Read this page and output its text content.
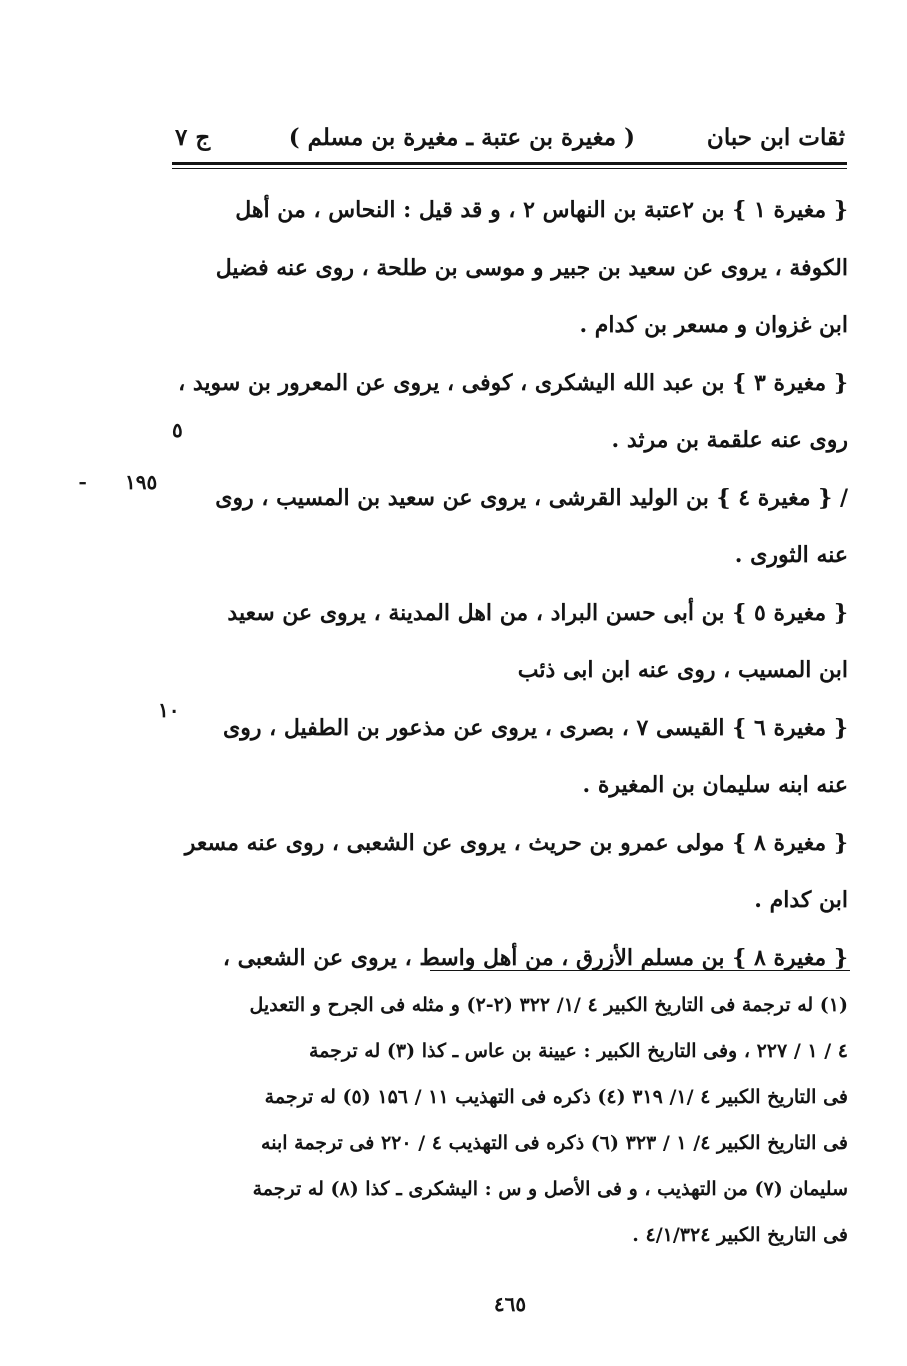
ثقات ابن حبان
( مغيرة بن عتبة ـ مغيرة بن مسلم )
ج ٧
{ مغيرة ۱ } بن ۲عتبة بن النهاس ۲ ، و قد قيل : النحاس ، من أهل
الكوفة ، يروى عن سعيد بن جبير و موسى بن طلحة ، روى عنه فضيل
ابن غزوان و مسعر بن كدام .
{ مغيرة ۳ } بن عبد الله اليشكرى ، كوفى ، يروى عن المعرور بن سويد ،
روى عنه علقمة بن مرثد .
/ { مغيرة ٤ } بن الوليد القرشى ، يروى عن سعيد بن المسيب ، روى
عنه الثورى .
{ مغيرة ٥ } بن أبى حسن البراد ، من اهل المدينة ، يروى عن سعيد
ابن المسيب ، روى عنه ابن ابى ذئب
{ مغيرة ٦ } القيسى ۷ ، بصرى ، يروى عن مذعور بن الطفيل ، روى
عنه ابنه سليمان بن المغيرة .
{ مغيرة ۸ } مولى عمرو بن حريث ، يروى عن الشعبى ، روى عنه مسعر
ابن كدام .
{ مغيرة ۸ } بن مسلم الأزرق ، من أهل واسط ، يروى عن الشعبى ،
٥
١٩٥
ـ
١٠
(۱) له ترجمة فى التاريخ الكبير ٤ /۱/ ۳۲۲ (۲-۲) و مثله فى الجرح و التعديل
٤ / ۱ / ۲۲۷ ، وفى التاريخ الكبير : عيينة بن عاس ـ كذا (۳) له ترجمة
فى التاريخ الكبير ٤ /۱/ ۳۱۹ (٤) ذكره فى التهذيب ۱۱ / ۱۵٦ (٥) له ترجمة
فى التاريخ الكبير ٤/ ۱ / ۳۲۳ (٦) ذكره فى التهذيب ٤ / ۲۲۰ فى ترجمة ابنه
سليمان (۷) من التهذيب ، و فى الأصل و س : اليشكرى ـ كذا (۸) له ترجمة
فى التاريخ الكبير ٤/۱/۳۲٤ .
٤٦٥
